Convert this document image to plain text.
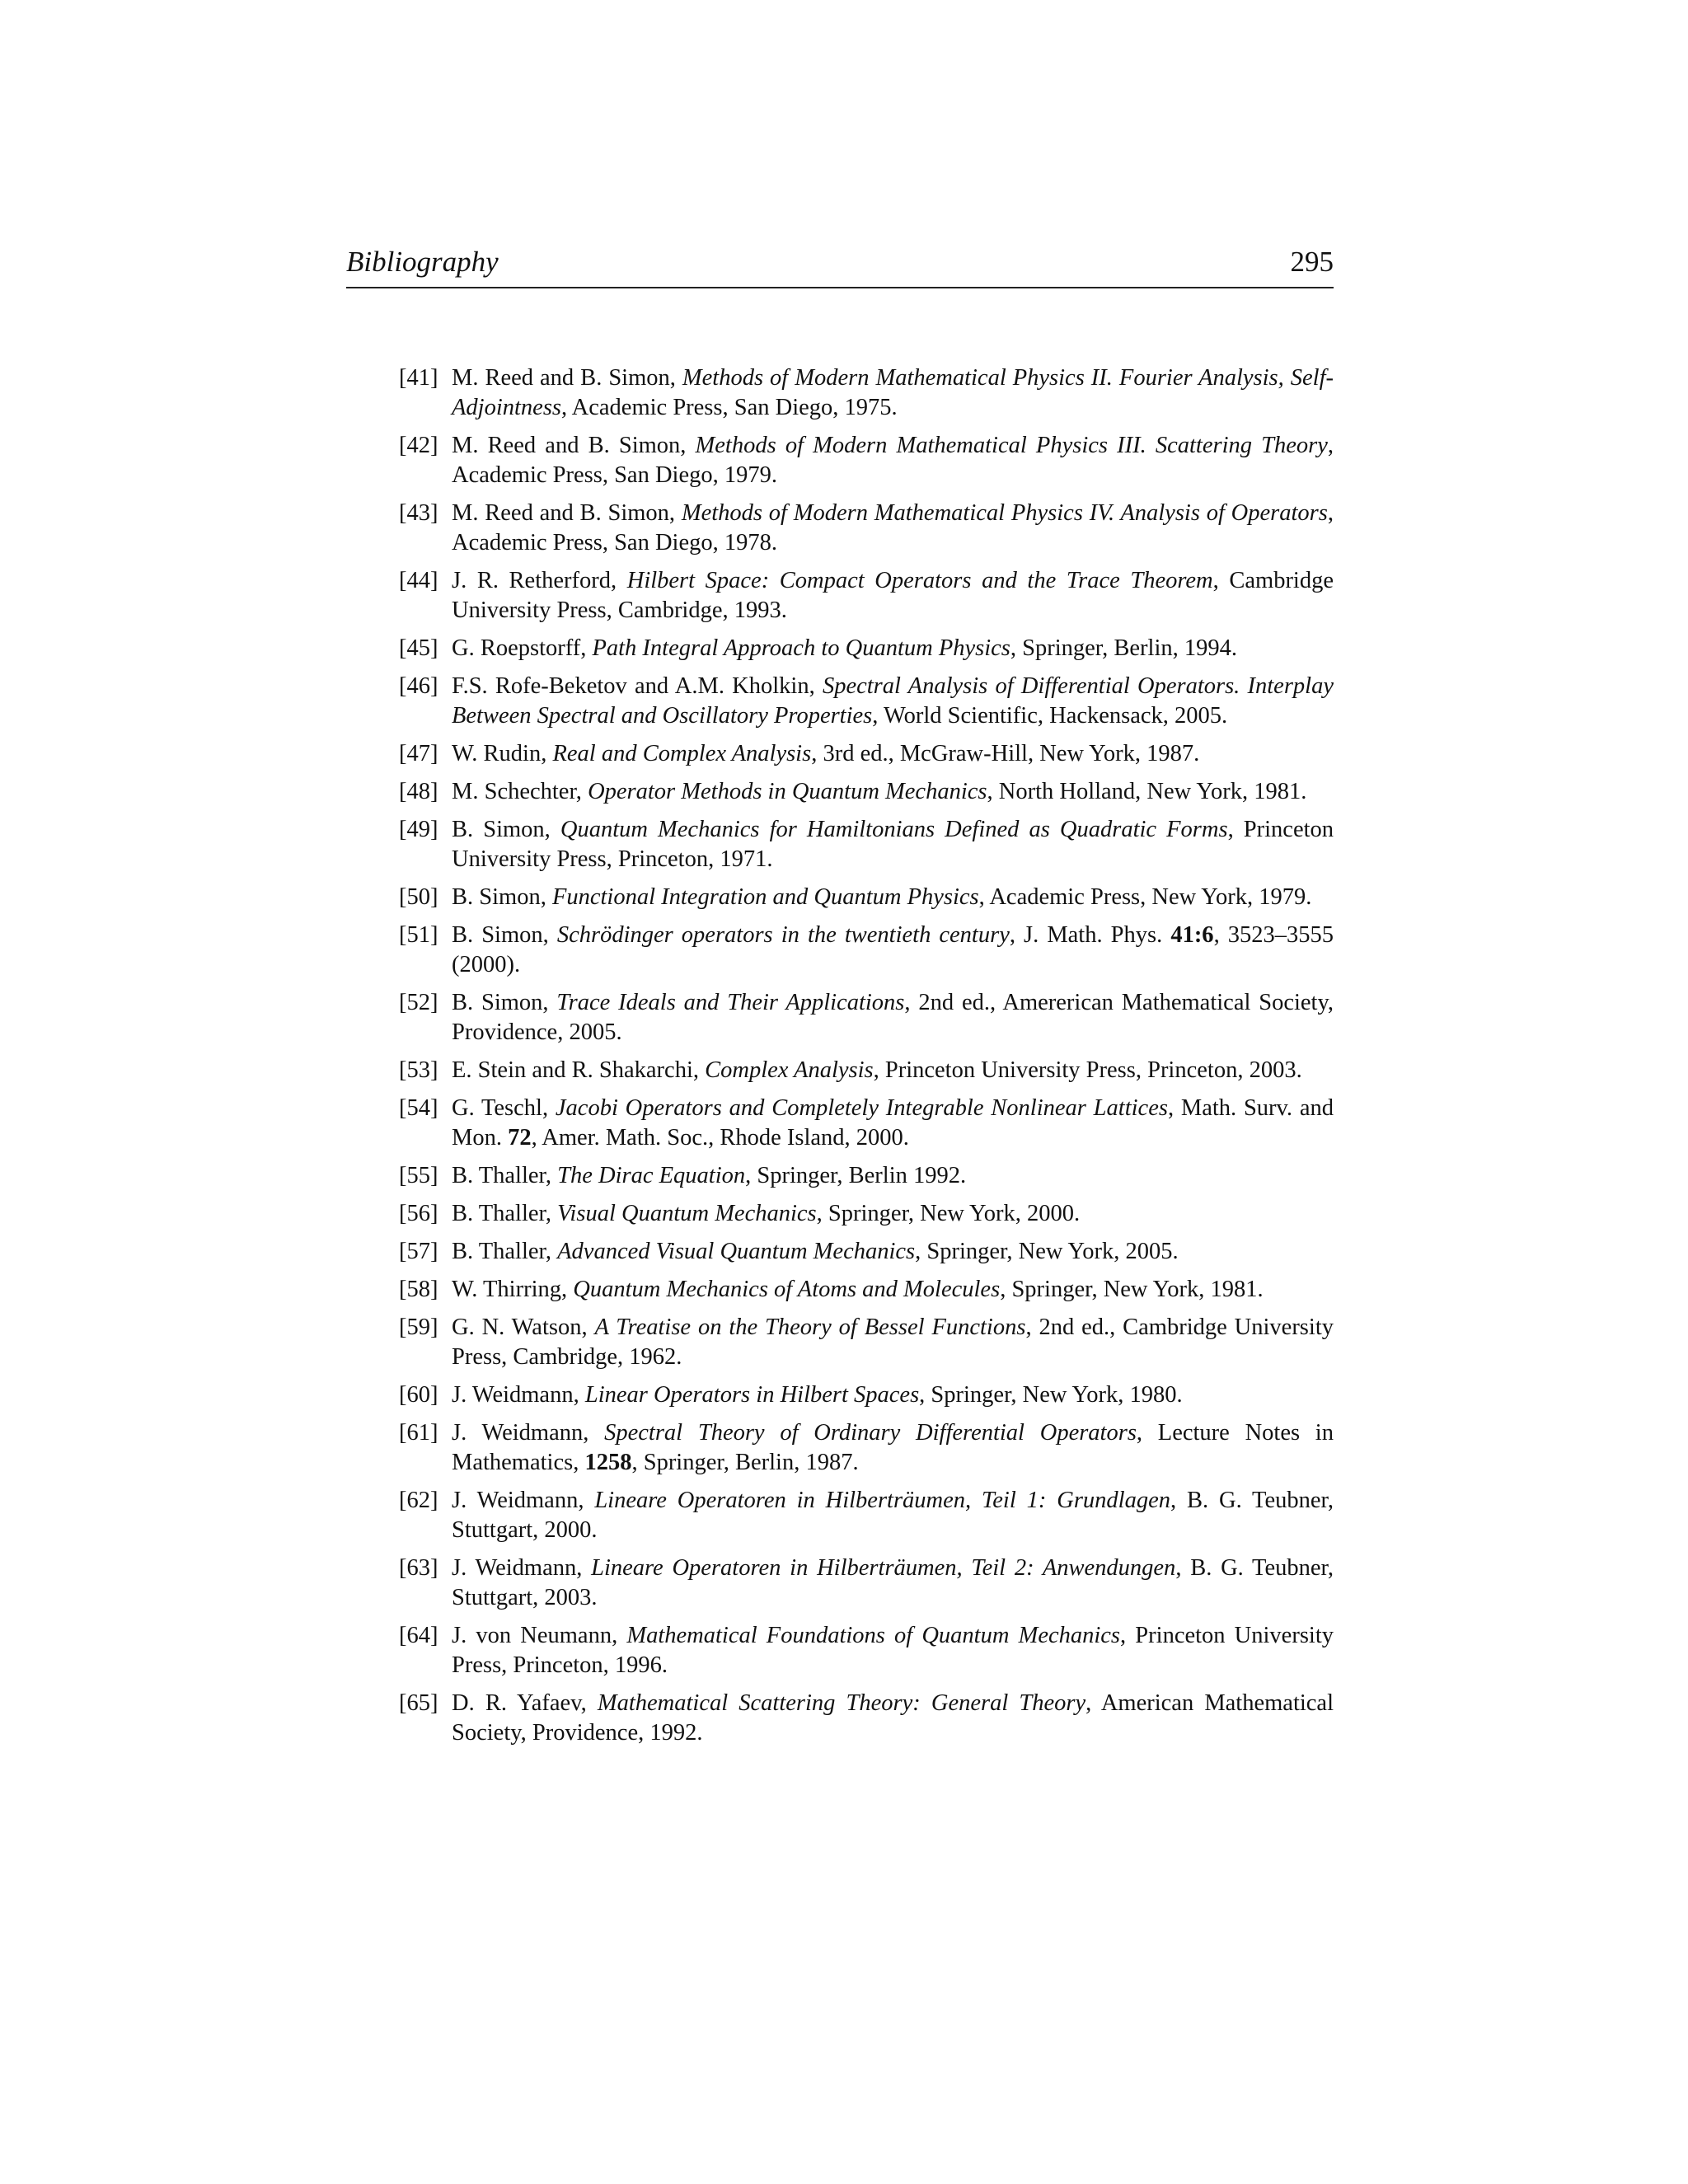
Bibliography	295
[41] M. Reed and B. Simon, Methods of Modern Mathematical Physics II. Fourier Analysis, Self-Adjointness, Academic Press, San Diego, 1975.
[42] M. Reed and B. Simon, Methods of Modern Mathematical Physics III. Scattering Theory, Academic Press, San Diego, 1979.
[43] M. Reed and B. Simon, Methods of Modern Mathematical Physics IV. Analysis of Operators, Academic Press, San Diego, 1978.
[44] J. R. Retherford, Hilbert Space: Compact Operators and the Trace Theorem, Cambridge University Press, Cambridge, 1993.
[45] G. Roepstorff, Path Integral Approach to Quantum Physics, Springer, Berlin, 1994.
[46] F.S. Rofe-Beketov and A.M. Kholkin, Spectral Analysis of Differential Operators. Interplay Between Spectral and Oscillatory Properties, World Scientific, Hackensack, 2005.
[47] W. Rudin, Real and Complex Analysis, 3rd ed., McGraw-Hill, New York, 1987.
[48] M. Schechter, Operator Methods in Quantum Mechanics, North Holland, New York, 1981.
[49] B. Simon, Quantum Mechanics for Hamiltonians Defined as Quadratic Forms, Princeton University Press, Princeton, 1971.
[50] B. Simon, Functional Integration and Quantum Physics, Academic Press, New York, 1979.
[51] B. Simon, Schrödinger operators in the twentieth century, J. Math. Phys. 41:6, 3523–3555 (2000).
[52] B. Simon, Trace Ideals and Their Applications, 2nd ed., Amererican Mathematical Society, Providence, 2005.
[53] E. Stein and R. Shakarchi, Complex Analysis, Princeton University Press, Princeton, 2003.
[54] G. Teschl, Jacobi Operators and Completely Integrable Nonlinear Lattices, Math. Surv. and Mon. 72, Amer. Math. Soc., Rhode Island, 2000.
[55] B. Thaller, The Dirac Equation, Springer, Berlin 1992.
[56] B. Thaller, Visual Quantum Mechanics, Springer, New York, 2000.
[57] B. Thaller, Advanced Visual Quantum Mechanics, Springer, New York, 2005.
[58] W. Thirring, Quantum Mechanics of Atoms and Molecules, Springer, New York, 1981.
[59] G. N. Watson, A Treatise on the Theory of Bessel Functions, 2nd ed., Cambridge University Press, Cambridge, 1962.
[60] J. Weidmann, Linear Operators in Hilbert Spaces, Springer, New York, 1980.
[61] J. Weidmann, Spectral Theory of Ordinary Differential Operators, Lecture Notes in Mathematics, 1258, Springer, Berlin, 1987.
[62] J. Weidmann, Lineare Operatoren in Hilberträumen, Teil 1: Grundlagen, B. G. Teubner, Stuttgart, 2000.
[63] J. Weidmann, Lineare Operatoren in Hilberträumen, Teil 2: Anwendungen, B. G. Teubner, Stuttgart, 2003.
[64] J. von Neumann, Mathematical Foundations of Quantum Mechanics, Princeton University Press, Princeton, 1996.
[65] D. R. Yafaev, Mathematical Scattering Theory: General Theory, American Mathematical Society, Providence, 1992.
